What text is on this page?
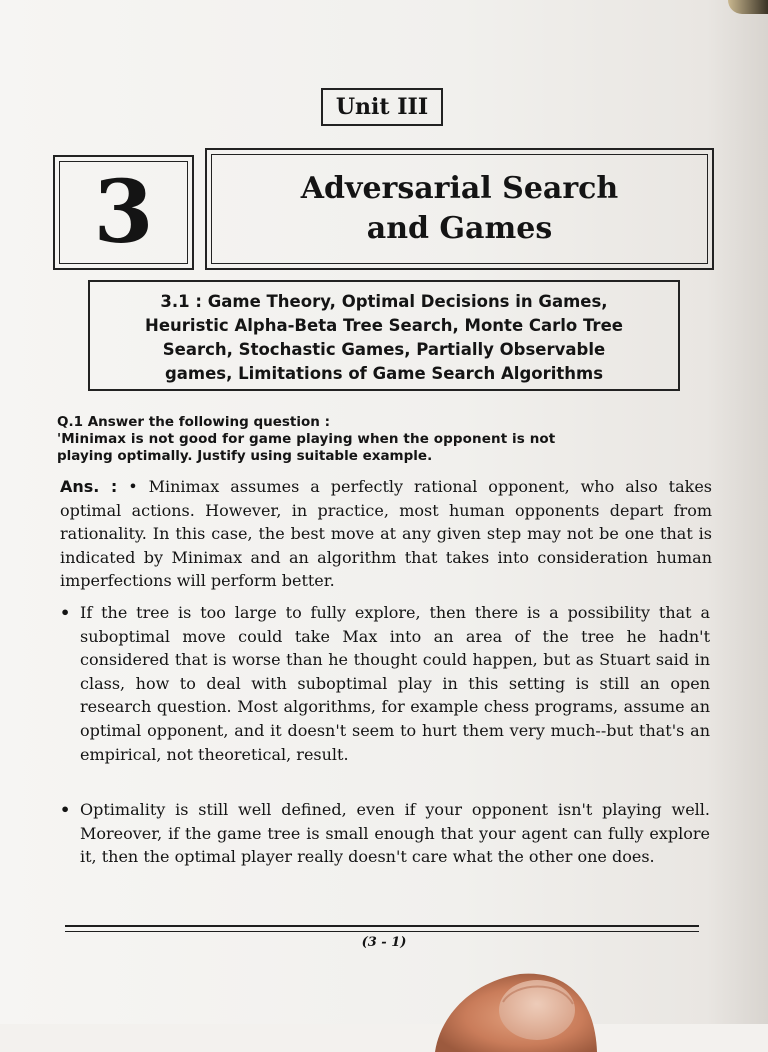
Unit III
3	Adversarial Search
and Games
3.1 : Game Theory, Optimal Decisions in Games,
Heuristic Alpha-Beta Tree Search, Monte Carlo Tree
Search, Stochastic Games, Partially Observable
games, Limitations of Game Search Algorithms
Q.1 Answer the following question :
'Minimax is not good for game playing when the opponent is not
playing optimally. Justify using suitable example.
Ans. : • Minimax assumes a perfectly rational opponent, who also takes optimal actions. However, in practice, most human opponents depart from rationality. In this case, the best move at any given step may not be one that is indicated by Minimax and an algorithm that takes into consideration human imperfections will perform better.
• If the tree is too large to fully explore, then there is a possibility that a suboptimal move could take Max into an area of the tree he hadn't considered that is worse than he thought could happen, but as Stuart said in class, how to deal with suboptimal play in this setting is still an open research question. Most algorithms, for example chess programs, assume an optimal opponent, and it doesn't seem to hurt them very much--but that's an empirical, not theoretical, result.
• Optimality is still well defined, even if your opponent isn't playing well. Moreover, if the game tree is small enough that your agent can fully explore it, then the optimal player really doesn't care what the other one does.
(3 - 1)
